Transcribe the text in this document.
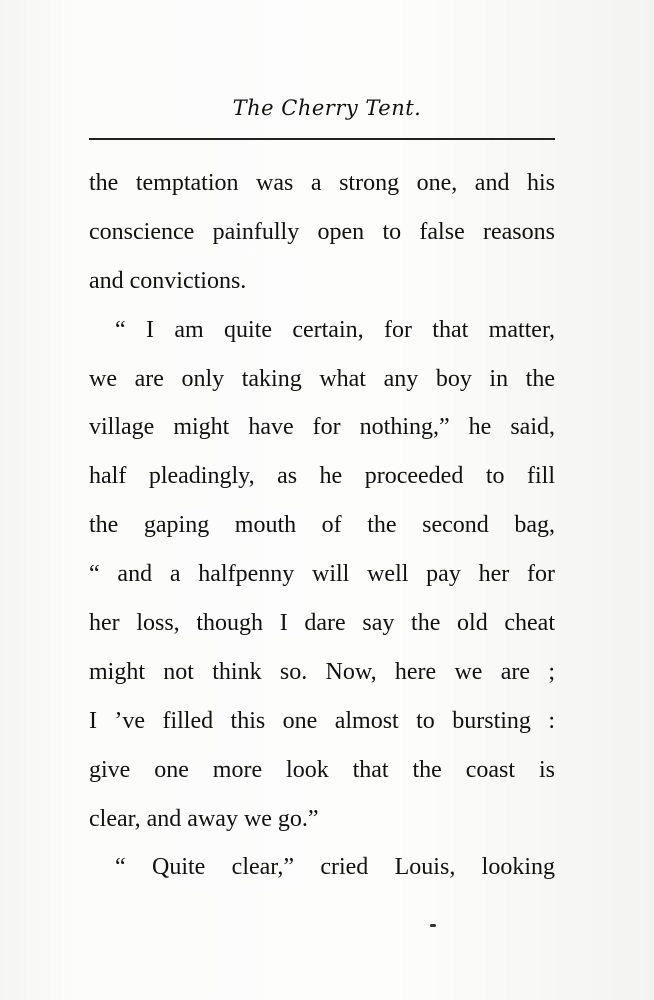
The Cherry Tent.
the temptation was a strong one, and his
conscience painfully open to false reasons
and convictions.
“ I am quite certain, for that matter,
we are only taking what any boy in the
village might have for nothing,” he said,
half pleadingly, as he proceeded to fill
the gaping mouth of the second bag,
“ and a halfpenny will well pay her for
her loss, though I dare say the old cheat
might not think so. Now, here we are ;
I ’ve filled this one almost to bursting :
give one more look that the coast is
clear, and away we go.”
“ Quite clear,” cried Louis, looking
